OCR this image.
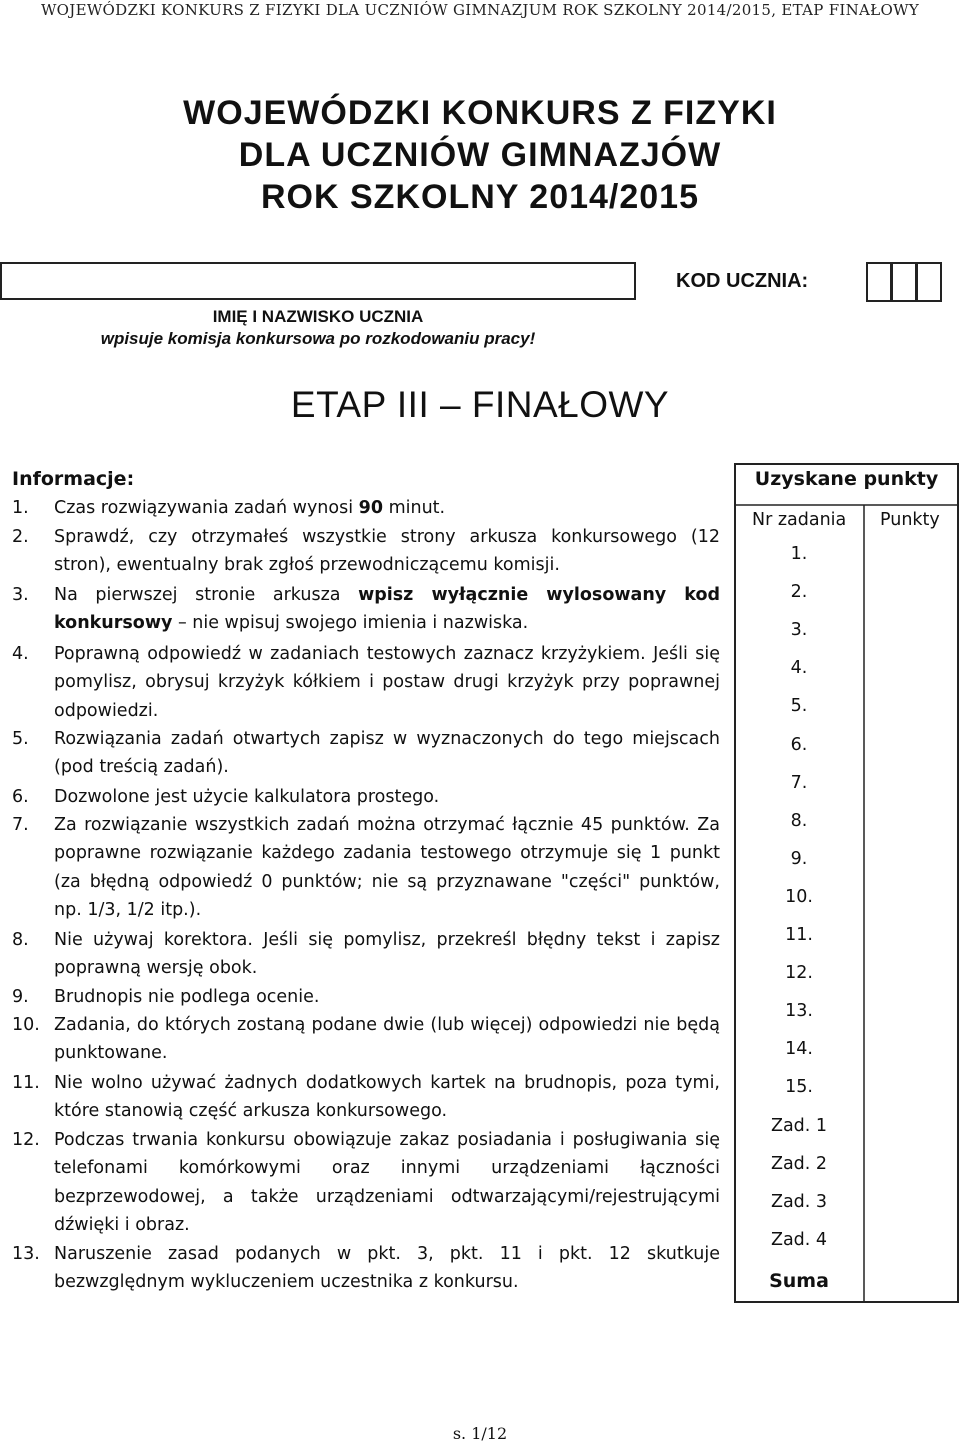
WOJEWÓDZKI KONKURS Z FIZYKI DLA UCZNIÓW GIMNAZJUM ROK SZKOLNY 2014/2015, ETAP FINAŁOWY
WOJEWÓDZKI KONKURS Z FIZYKI
DLA UCZNIÓW GIMNAZJÓW
ROK SZKOLNY 2014/2015
IMIĘ I NAZWISKO UCZNIA
wpisuje komisja konkursowa po rozkodowaniu pracy!
KOD UCZNIA:
ETAP III – FINAŁOWY
Informacje:
1. Czas rozwiązywania zadań wynosi 90 minut.
2. Sprawdź, czy otrzymałeś wszystkie strony arkusza konkursowego (12 stron), ewentualny brak zgłoś przewodniczącemu komisji.
3. Na pierwszej stronie arkusza wpisz wyłącznie wylosowany kod konkursowy – nie wpisuj swojego imienia i nazwiska.
4. Poprawną odpowiedź w zadaniach testowych zaznacz krzyżykiem. Jeśli się pomylisz, obrysuj krzyżyk kółkiem i postaw drugi krzyżyk przy poprawnej odpowiedzi.
5. Rozwiązania zadań otwartych zapisz w wyznaczonych do tego miejscach (pod treścią zadań).
6. Dozwolone jest użycie kalkulatora prostego.
7. Za rozwiązanie wszystkich zadań można otrzymać łącznie 45 punktów. Za poprawne rozwiązanie każdego zadania testowego otrzymuje się 1 punkt (za błędną odpowiedź 0 punktów; nie są przyznawane "części" punktów, np. 1/3, 1/2 itp.).
8. Nie używaj korektora. Jeśli się pomylisz, przekreśl błędny tekst i zapisz poprawną wersję obok.
9. Brudnopis nie podlega ocenie.
10. Zadania, do których zostaną podane dwie (lub więcej) odpowiedzi nie będą punktowane.
11. Nie wolno używać żadnych dodatkowych kartek na brudnopis, poza tymi, które stanowią część arkusza konkursowego.
12. Podczas trwania konkursu obowiązuje zakaz posiadania i posługiwania się telefonami komórkowymi oraz innymi urządzeniami łączności bezprzewodowej, a także urządzeniami odtwarzającymi/rejestrującymi dźwięki i obraz.
13. Naruszenie zasad podanych w pkt. 3, pkt. 11 i pkt. 12 skutkuje bezwzględnym wykluczeniem uczestnika z konkursu.
Uzyskane punkty
Nr zadania Punkty
1.
2.
3.
4.
5.
6.
7.
8.
9.
10.
11.
12.
13.
14.
15.
Zad. 1
Zad. 2
Zad. 3
Zad. 4
Suma
s. 1/12
